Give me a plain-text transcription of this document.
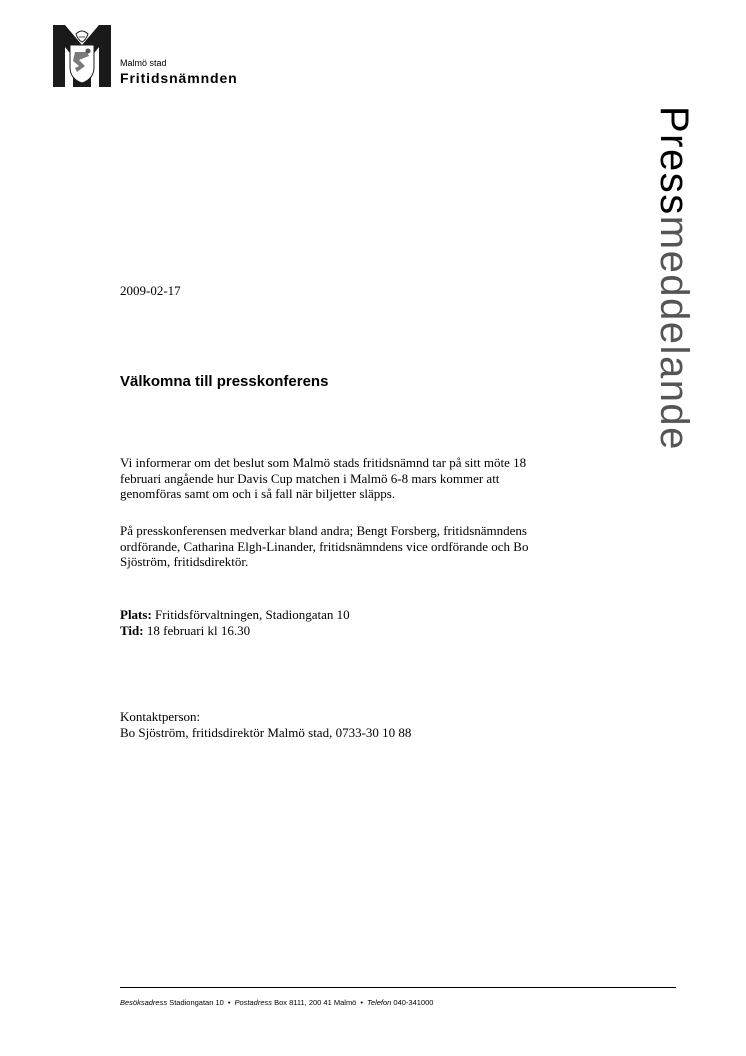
Malmö stad
Fritidsnämnden
Pressmeddelande
2009-02-17
Välkomna till presskonferens
Vi informerar om det beslut som Malmö stads fritidsnämnd tar på sitt möte 18
februari angående hur Davis Cup matchen i Malmö 6-8 mars kommer att
genomföras samt om och i så fall när biljetter släpps.
På presskonferensen medverkar bland andra; Bengt Forsberg, fritidsnämndens
ordförande, Catharina Elgh-Linander, fritidsnämndens vice ordförande och Bo
Sjöström, fritidsdirektör.
Plats: Fritidsförvaltningen, Stadiongatan 10
Tid: 18 februari kl 16.30
Kontaktperson:
Bo Sjöström, fritidsdirektör Malmö stad, 0733-30 10 88
Besöksadress Stadiongatan 10 • Postadress Box 8111, 200 41 Malmö • Telefon 040-341000
